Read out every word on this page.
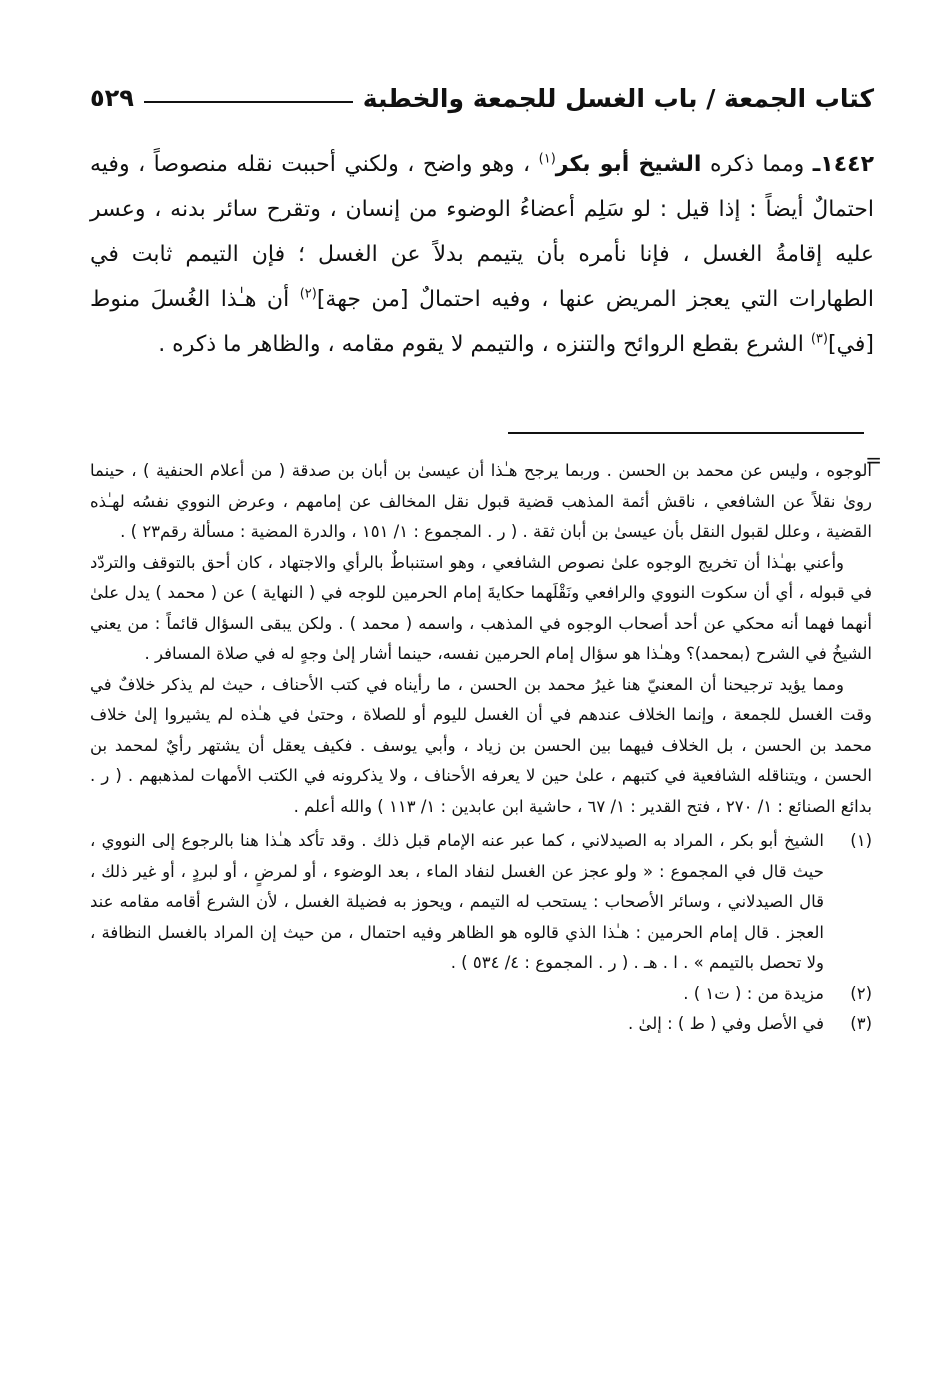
كتاب الجمعة / باب الغسل للجمعة والخطبة
٥٢٩
١٤٤٢ـ ومما ذكره الشيخ أبو بكر$^{(١)}$ ، وهو واضح ، ولكني أحببت نقله منصوصاً ، وفيه احتمالٌ أيضاً : إذا قيل : لو سَلِم أعضاءُ الوضوء من إنسان ، وتقرح سائر بدنه ، وعسر عليه إقامةُ الغسل ، فإنا نأمره بأن يتيمم بدلاً عن الغسل ؛ فإن التيمم ثابت في الطهارات التي يعجز المريض عنها ، وفيه احتمالٌ [من جهة]$^{(٢)}$ أن هـٰذا الغُسلَ منوط [في]$^{(٣)}$ الشرع بقطع الروائح والتنزه ، والتيمم لا يقوم مقامه ، والظاهر ما ذكره .
=

الوجوه ، وليس عن محمد بن الحسن . وربما يرجح هـٰذا أن عيسىٰ بن أبان بن صدقة ( من أعلام الحنفية ) ، حينما روىٰ نقلاً عن الشافعي ، ناقش أئمة المذهب قضية قبول نقل المخالف عن إمامهم ، وعرض النووي نفسُه لهـٰذه القضية ، وعلل لقبول النقل بأن عيسىٰ بن أبان ثقة . ( ر . المجموع : ١/ ١٥١ ، والدرة المضية : مسألة رقم٢٣ ) .

وأعني بهـٰذا أن تخريج الوجوه علىٰ نصوص الشافعي ، وهو استنباطٌ بالرأي والاجتهاد ، كان أحق بالتوقف والتردّد في قبوله ، أي أن سكوت النووي والرافعي ونَقْلَهما حكايةَ إمام الحرمين للوجه في ( النهاية ) عن ( محمد ) يدل علىٰ أنهما فهما أنه محكي عن أحد أصحاب الوجوه في المذهب ، واسمه ( محمد ) . ولكن يبقى السؤال قائماً : من يعني الشيخُ في الشرح (بمحمد)؟ وهـٰذا هو سؤال إمام الحرمين نفسه، حينما أشار إلىٰ وجهٍ له في صلاة المسافر .

ومما يؤيد ترجيحنا أن المعنيّ هنا غيرُ محمد بن الحسن ، ما رأيناه في كتب الأحناف ، حيث لم يذكر خلافٌ في وقت الغسل للجمعة ، وإنما الخلاف عندهم في أن الغسل لليوم أو للصلاة ، وحتىٰ في هـٰذه لم يشيروا إلىٰ خلاف محمد بن الحسن ، بل الخلاف فيهما بين الحسن بن زياد ، وأبي يوسف . فكيف يعقل أن يشتهر رأيٌ لمحمد بن الحسن ، ويتناقله الشافعية في كتبهم ، علىٰ حين لا يعرفه الأحناف ، ولا يذكرونه في الكتب الأمهات لمذهبهم . ( ر . بدائع الصنائع : ١/ ٢٧٠ ، فتح القدير : ١/ ٦٧ ، حاشية ابن عابدين : ١/ ١١٣ ) والله أعلم .

(١)
الشيخ أبو بكر ، المراد به الصيدلاني ، كما عبر عنه الإمام قبل ذلك . وقد تأكد هـٰذا هنا بالرجوع إلى النووي ، حيث قال في المجموع : « ولو عجز عن الغسل لنفاد الماء ، بعد الوضوء ، أو لمرضٍ ، أو لبردٍ ، أو غير ذلك ، قال الصيدلاني ، وسائر الأصحاب : يستحب له التيمم ، ويحوز به فضيلة الغسل ، لأن الشرع أقامه مقامه عند العجز . قال إمام الحرمين : هـٰذا الذي قالوه هو الظاهر وفيه احتمال ، من حيث إن المراد بالغسل النظافة ، ولا تحصل بالتيمم » . ا . هـ . ( ر . المجموع : ٤/ ٥٣٤ ) .
(٢)
مزيدة من : ( ت١ ) .
(٣)
في الأصل وفي ( ط ) : إلىٰ .
